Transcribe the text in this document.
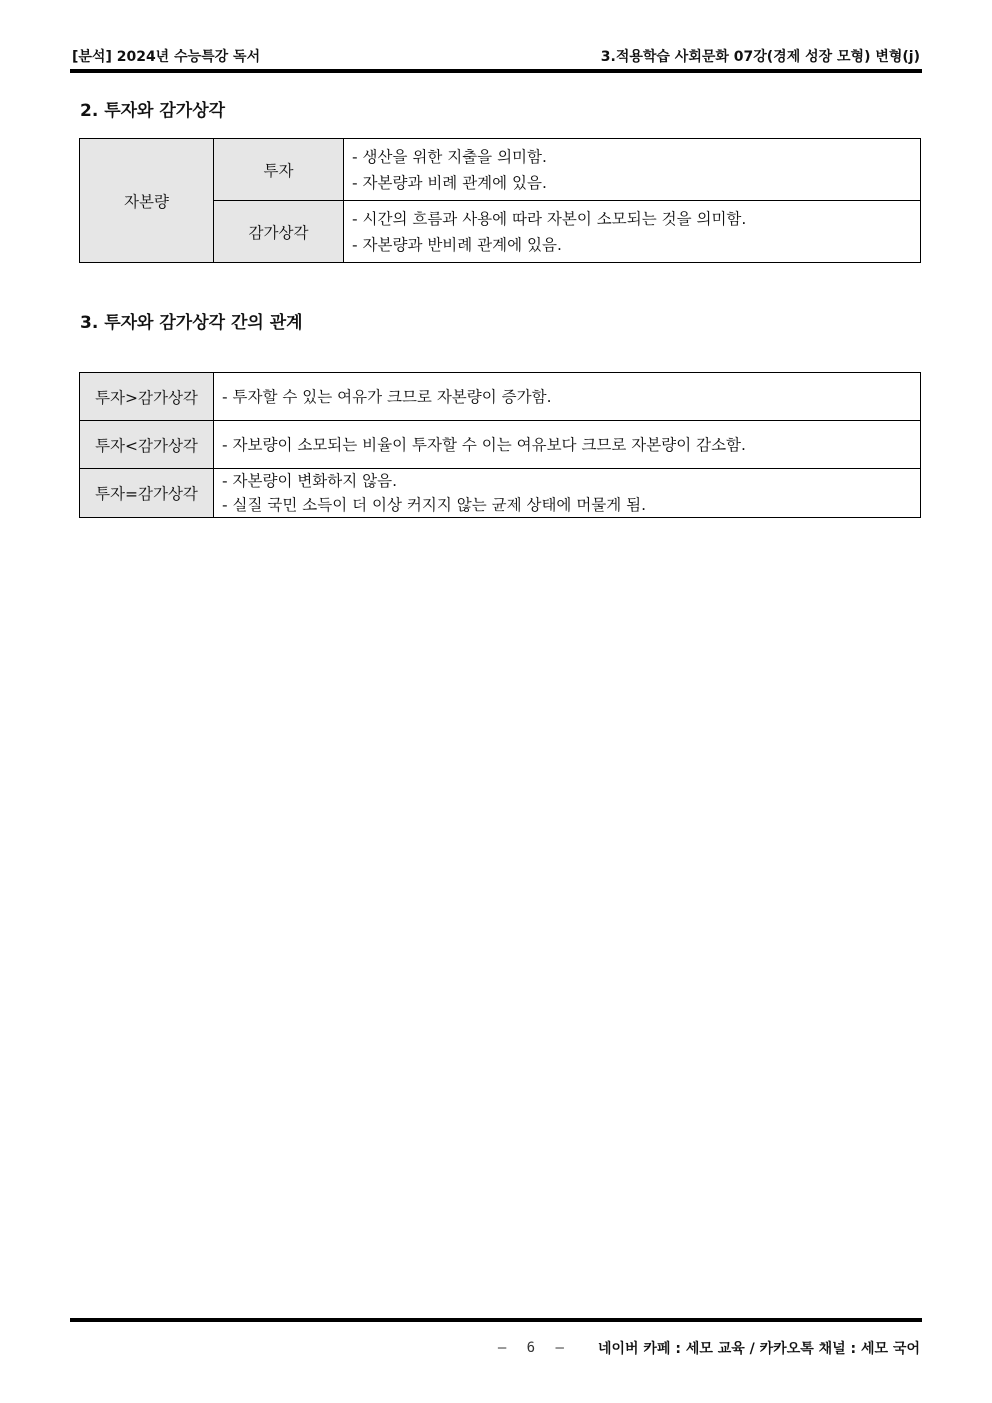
[분석] 2024년 수능특강 독서	3.적용학습 사회문화 07강(경제 성장 모형) 변형(j)
2. 투자와 감가상각
자본량	투자	- 생산을 위한 지출을 의미함.
- 자본량과 비례 관계에 있음.

	감가상각	- 시간의 흐름과 사용에 따라 자본이 소모되는 것을 의미함.
- 자본량과 반비례 관계에 있음.
3. 투자와 감가상각 간의 관계
투자>감가상각	- 투자할 수 있는 여유가 크므로 자본량이 증가함.

투자<감가상각	- 자보량이 소모되는 비율이 투자할 수 이는 여유보다 크므로 자본량이 감소함.

투자=감가상각	- 자본량이 변화하지 않음.
- 실질 국민 소득이 더 이상 커지지 않는 균제 상태에 머물게 됨.
– 6 – 네이버 카페 : 세모 교육 / 카카오톡 채널 : 세모 국어
